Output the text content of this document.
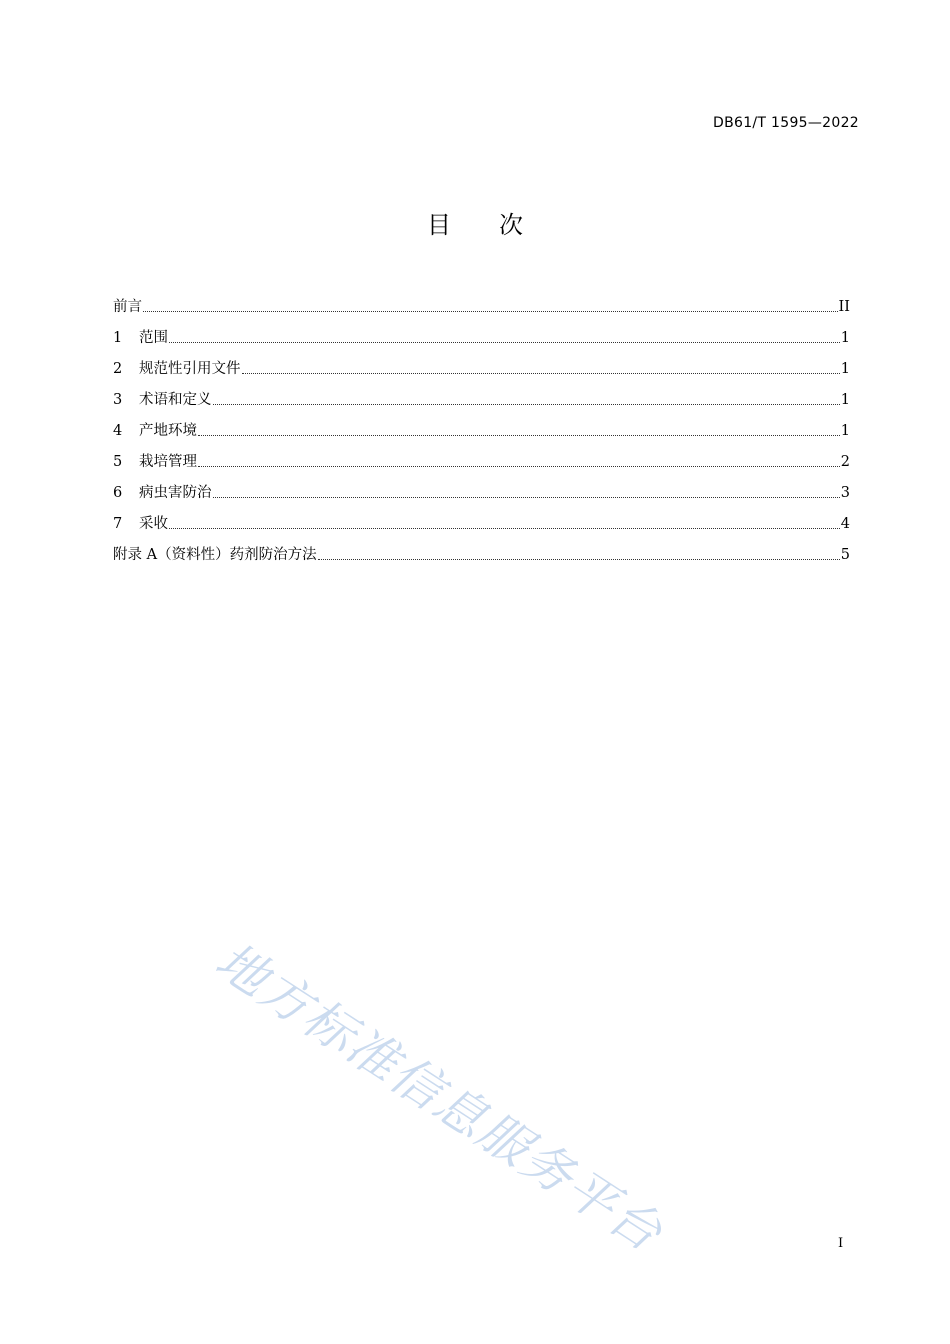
DB61/T 1595—2022
目 次
前言	II
1	范围	1
2	规范性引用文件	1
3	术语和定义	1
4	产地环境	1
5	栽培管理	2
6	病虫害防治	3
7	采收	4
附录 A（资料性）药剂防治方法	5
地方标准信息服务平台	I
